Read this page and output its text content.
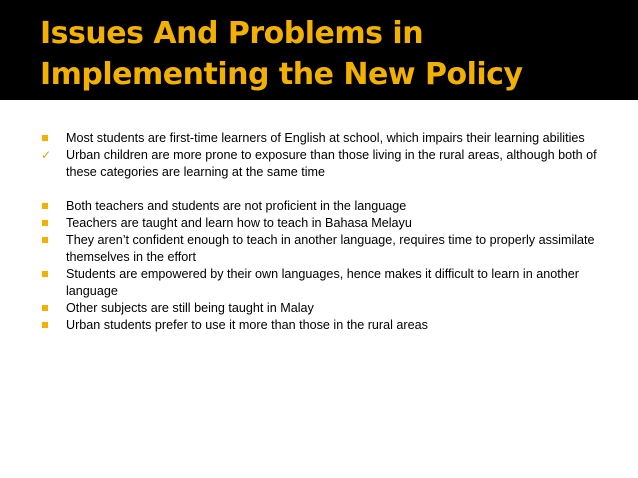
Issues And Problems in
Implementing the New Policy
Most students are first-time learners of English at school, which impairs their learning abilities
✓ Urban children are more prone to exposure than those living in the rural areas, although both of these categories are learning at the same time
Both teachers and students are not proficient in the language
Teachers are taught and learn how to teach in Bahasa Melayu
They aren’t confident enough to teach in another language, requires time to properly assimilate themselves in the effort
Students are empowered by their own languages, hence makes it difficult to learn in another language
Other subjects are still being taught in Malay
Urban students prefer to use it more than those in the rural areas
